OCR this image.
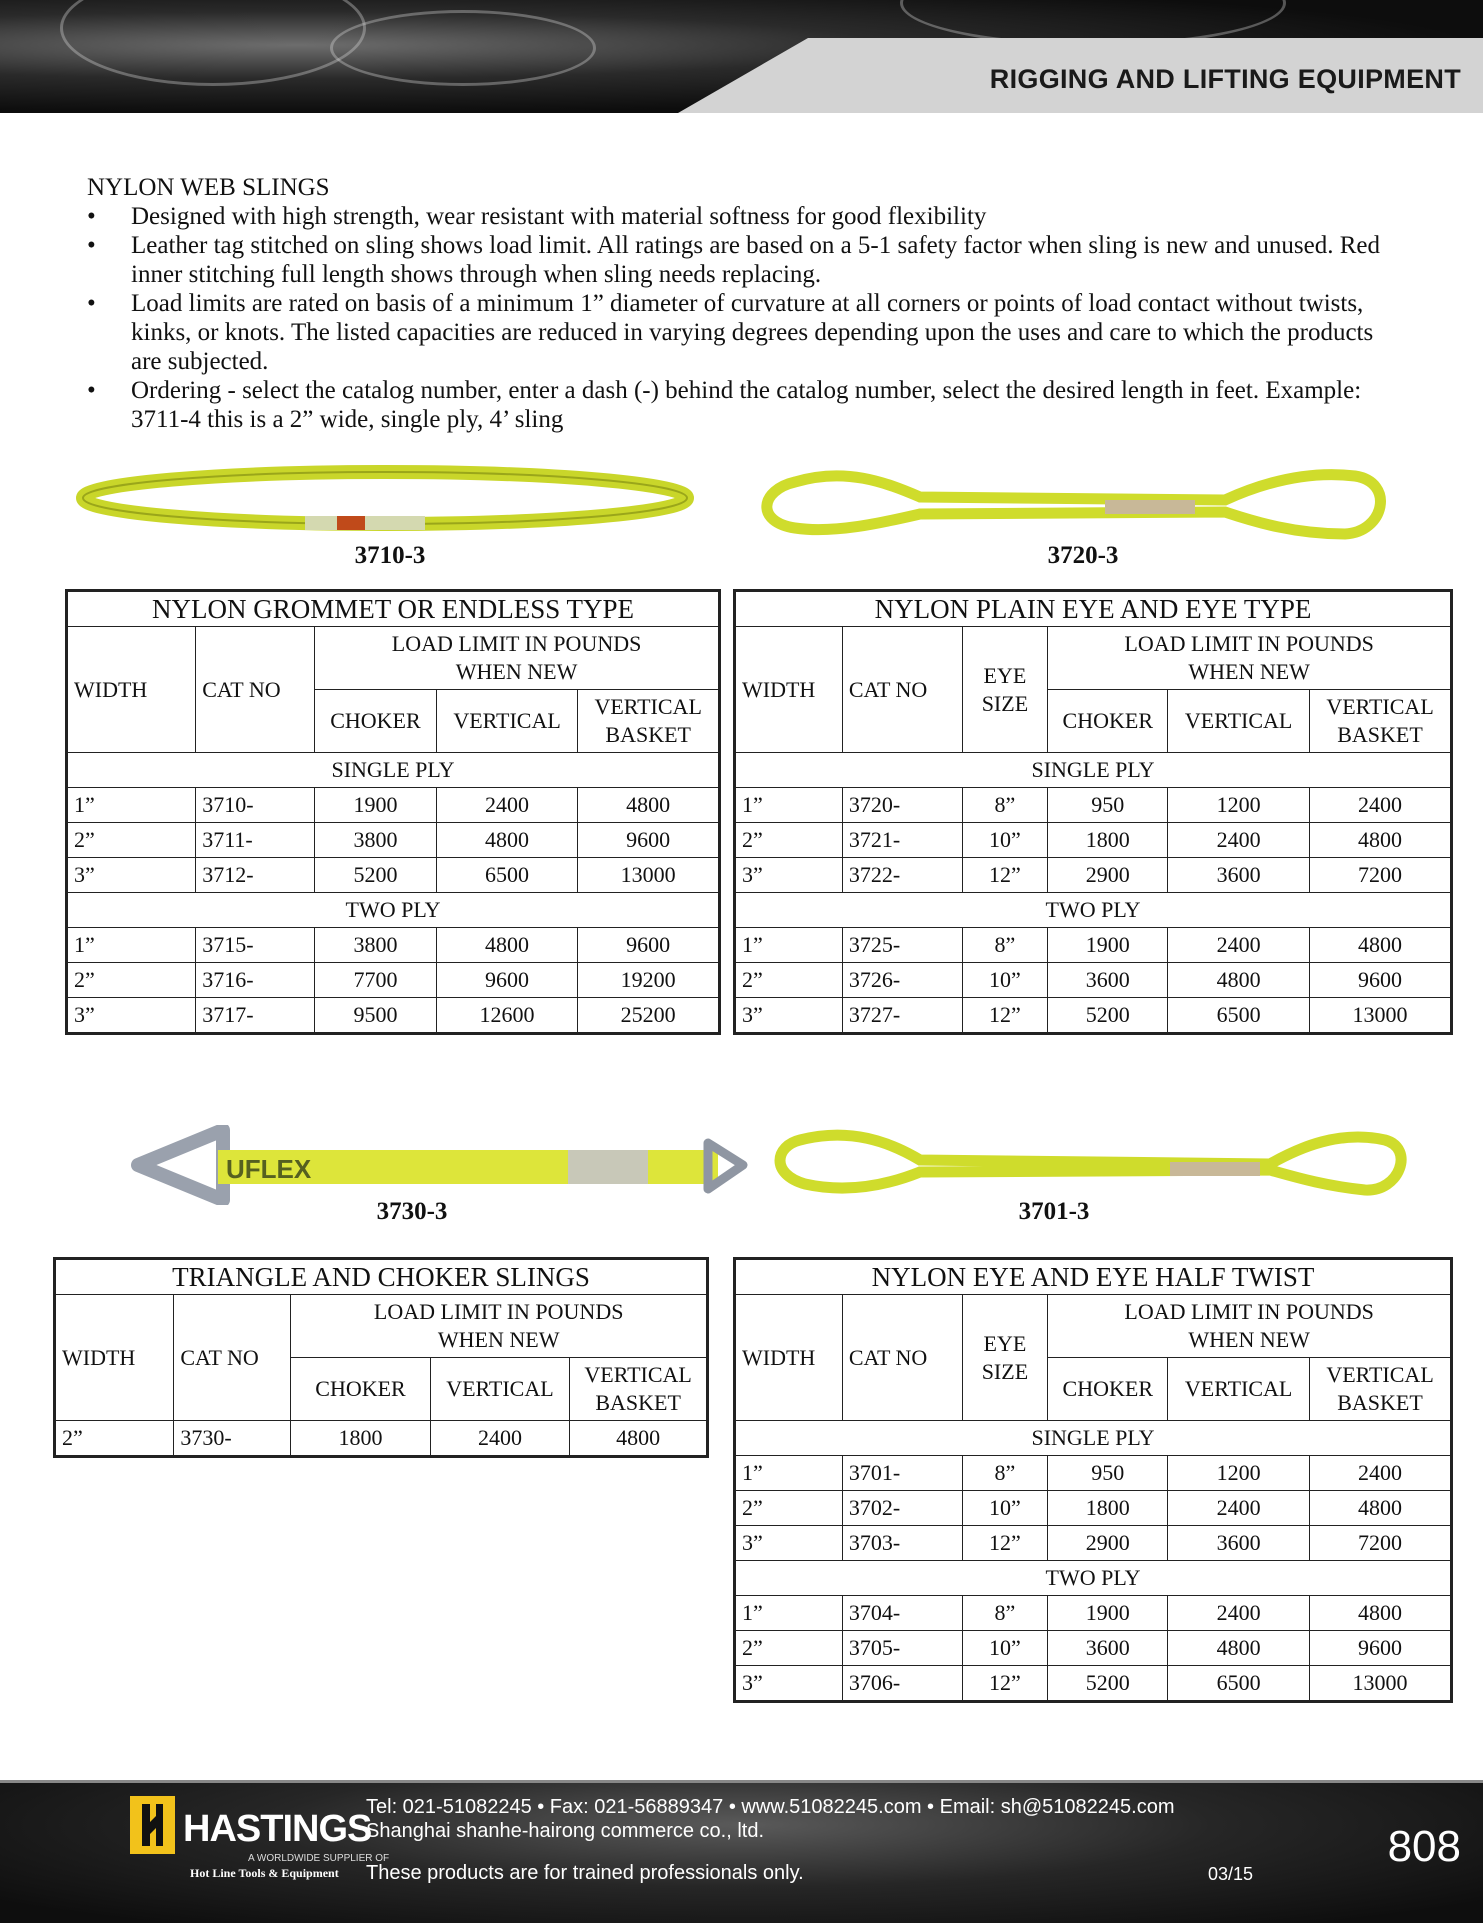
RIGGING AND LIFTING EQUIPMENT
NYLON WEB SLINGS
• Designed with high strength, wear resistant with material softness for good flexibility
• Leather tag stitched on sling shows load limit. All ratings are based on a 5-1 safety factor when sling is new and unused. Red inner stitching full length shows through when sling needs replacing.
• Load limits are rated on basis of a minimum 1” diameter of curvature at all corners or points of load contact without twists, kinks, or knots. The listed capacities are reduced in varying degrees depending upon the uses and care to which the products are subjected.
• Ordering - select the catalog number, enter a dash (-) behind the catalog number, select the desired length in feet. Example: 3711-4 this is a 2” wide, single ply, 4’ sling
3710-3	3720-3
UFLEX
3730-3	3701-3
NYLON GROMMET OR ENDLESS TYPE				
WIDTH	CAT NO	LOAD LIMIT IN POUNDS
WHEN NEW		
		CHOKER	VERTICAL	VERTICAL
BASKET
SINGLE PLY				
1”	3710-	1900	2400	4800
2”	3711-	3800	4800	9600
3”	3712-	5200	6500	13000
TWO PLY				
1”	3715-	3800	4800	9600
2”	3716-	7700	9600	19200
3”	3717-	9500	12600	25200
NYLON PLAIN EYE AND EYE TYPE					
WIDTH	CAT NO	EYE
SIZE	LOAD LIMIT IN POUNDS
WHEN NEW		
			CHOKER	VERTICAL	VERTICAL
BASKET
SINGLE PLY					
1”	3720-	8”	950	1200	2400
2”	3721-	10”	1800	2400	4800
3”	3722-	12”	2900	3600	7200
TWO PLY					
1”	3725-	8”	1900	2400	4800
2”	3726-	10”	3600	4800	9600
3”	3727-	12”	5200	6500	13000
TRIANGLE AND CHOKER SLINGS				
WIDTH	CAT NO	LOAD LIMIT IN POUNDS
WHEN NEW		
		CHOKER	VERTICAL	VERTICAL
BASKET
2”	3730-	1800	2400	4800
NYLON EYE AND EYE HALF TWIST					
WIDTH	CAT NO	EYE
SIZE	LOAD LIMIT IN POUNDS
WHEN NEW		
			CHOKER	VERTICAL	VERTICAL
BASKET
SINGLE PLY					
1”	3701-	8”	950	1200	2400
2”	3702-	10”	1800	2400	4800
3”	3703-	12”	2900	3600	7200
TWO PLY					
1”	3704-	8”	1900	2400	4800
2”	3705-	10”	3600	4800	9600
3”	3706-	12”	5200	6500	13000
HASTINGS
A WORLDWIDE SUPPLIER OF
Hot Line Tools & Equipment
Tel: 021-51082245 • Fax: 021-56889347 • www.51082245.com • Email: sh@51082245.com
Shanghai shanhe-hairong commerce co., ltd.
These products are for trained professionals only.	03/15
808
